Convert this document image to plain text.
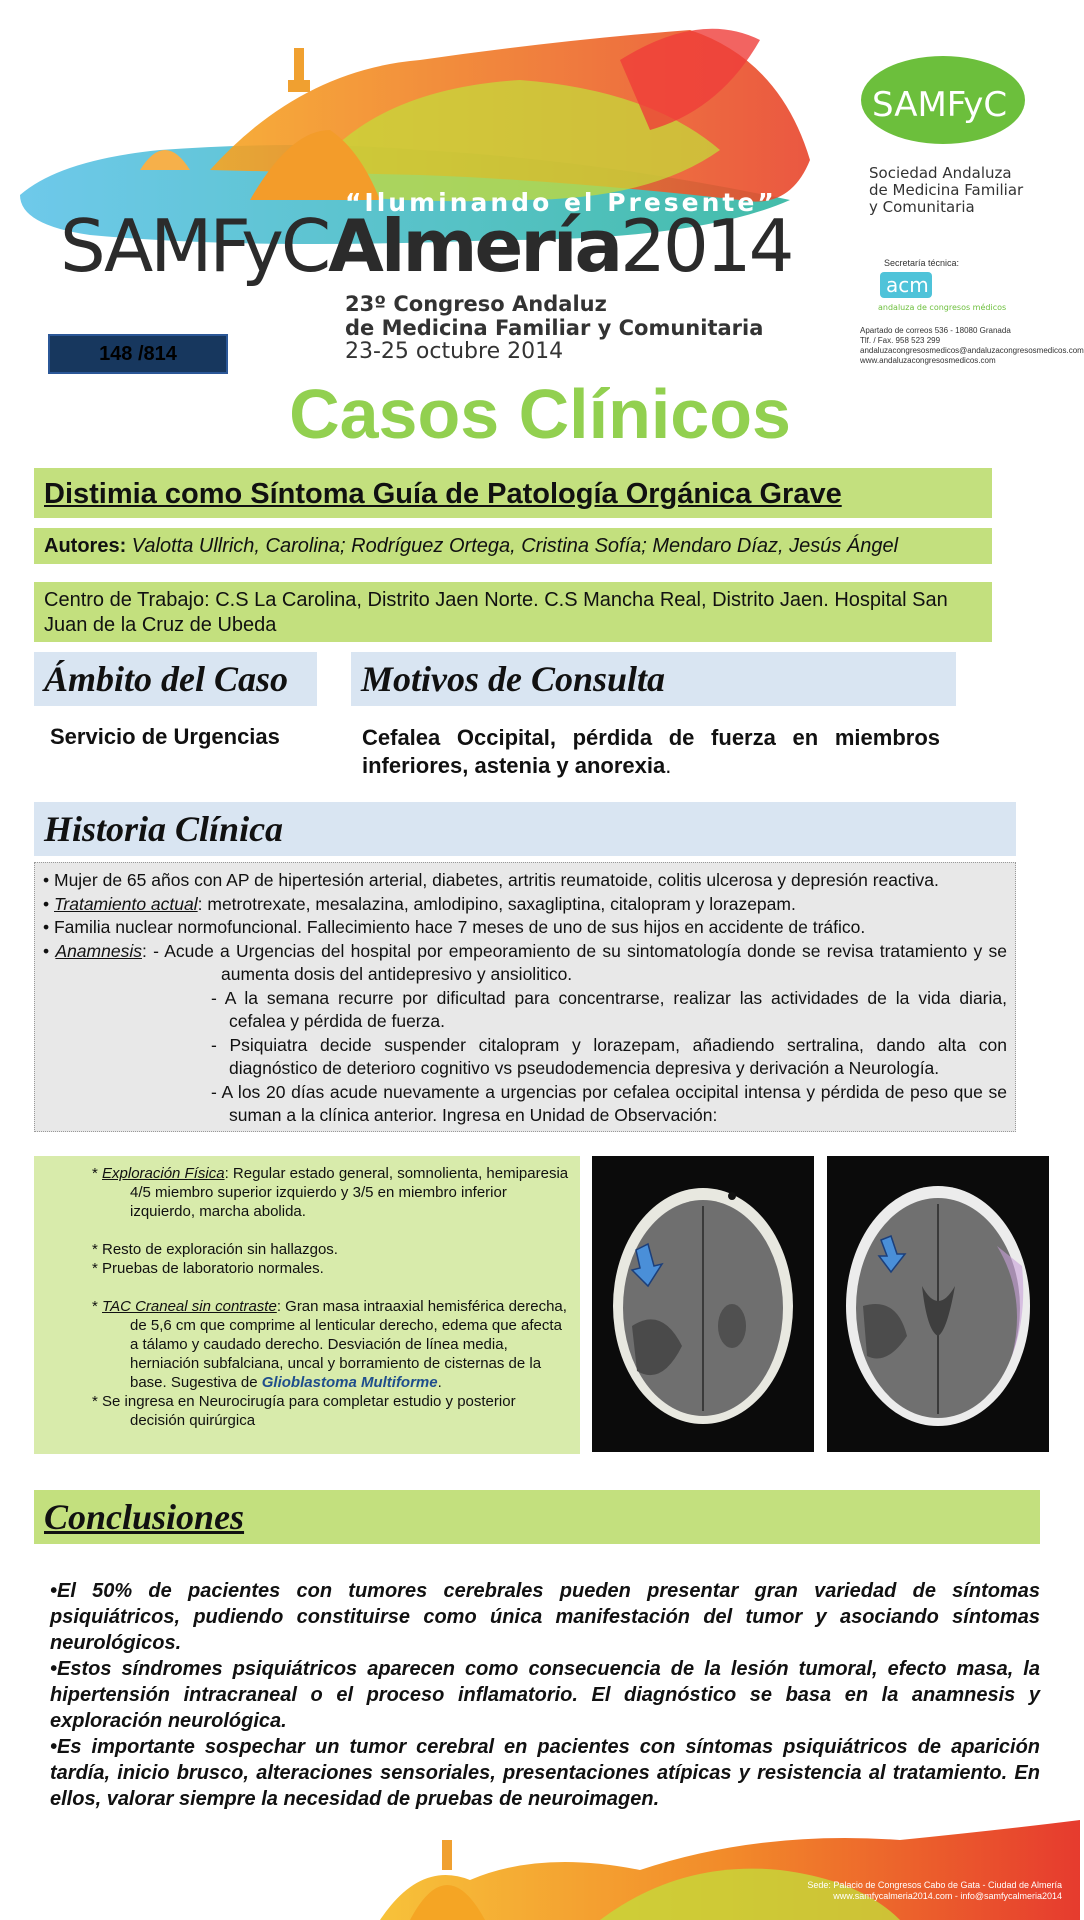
“Iluminando el Presente”
SAMFyCAlmería2014
23º Congreso Andaluz
de Medicina Familiar y Comunitaria
23-25 octubre 2014
148 /814
SAMFyC
Sociedad Andaluza
de Medicina Familiar
y Comunitaria
Secretaría técnica:
acm
andaluza de congresos médicos
Apartado de correos 536 - 18080 Granada
Tlf. / Fax. 958 523 299
andaluzacongresosmedicos@andaluzacongresosmedicos.com
www.andaluzacongresosmedicos.com
Casos Clínicos
Distimia como Síntoma Guía de Patología Orgánica Grave
Autores: Valotta Ullrich, Carolina; Rodríguez Ortega, Cristina Sofía; Mendaro Díaz, Jesús Ángel
Centro de Trabajo: C.S La Carolina, Distrito Jaen Norte. C.S Mancha Real, Distrito Jaen. Hospital San Juan de la Cruz de Ubeda
Ámbito del Caso	Motivos de Consulta
Servicio de Urgencias	Cefalea Occipital, pérdida de fuerza en miembros inferiores, astenia y anorexia.
Historia Clínica

• Mujer de 65 años con AP de hipertesión arterial, diabetes, artritis reumatoide, colitis ulcerosa y depresión reactiva.

• Tratamiento actual: metrotrexate, mesalazina, amlodipino, saxagliptina, citalopram y lorazepam.

• Familia nuclear normofuncional. Fallecimiento hace 7 meses de uno de sus hijos en accidente de tráfico.

• Anamnesis: - Acude a Urgencias del hospital por empeoramiento de su sintomatología donde se revisa tratamiento y se aumenta dosis del antidepresivo y ansiolitico.

- A la semana recurre por dificultad para concentrarse, realizar las actividades de la vida diaria, cefalea y pérdida de fuerza.

- Psiquiatra decide suspender citalopram y lorazepam, añadiendo sertralina, dando alta con diagnóstico de deterioro cognitivo vs pseudodemencia depresiva y derivación a Neurología.

- A los 20 días acude nuevamente a urgencias por cefalea occipital intensa y pérdida de peso que se suman a la clínica anterior. Ingresa en Unidad de Observación:

* Exploración Física: Regular estado general, somnolienta, hemiparesia 4/5 miembro superior izquierdo y 3/5 en miembro inferior izquierdo, marcha abolida.

* Resto de exploración sin hallazgos.

* Pruebas de laboratorio normales.

* TAC Craneal sin contraste: Gran masa intraaxial hemisférica derecha, de 5,6 cm que comprime al lenticular derecho, edema que afecta a tálamo y caudado derecho. Desviación de línea media, herniación subfalciana, uncal y borramiento de cisternas de la base. Sugestiva de Glioblastoma Multiforme.

* Se ingresa en Neurocirugía para completar estudio y posterior decisión quirúrgica

Conclusiones

•El 50% de pacientes con tumores cerebrales pueden presentar gran variedad de síntomas psiquiátricos, pudiendo constituirse como única manifestación del tumor y asociando síntomas neurológicos.

•Estos síndromes psiquiátricos aparecen como consecuencia de la lesión tumoral, efecto masa, la hipertensión intracraneal o el proceso inflamatorio. El diagnóstico se basa en la anamnesis y exploración neurológica.

•Es importante sospechar un tumor cerebral en pacientes con síntomas psiquiátricos de aparición tardía, inicio brusco, alteraciones sensoriales, presentaciones atípicas y resistencia al tratamiento. En ellos, valorar siempre la necesidad de pruebas de neuroimagen.

Sede: Palacio de Congresos Cabo de Gata - Ciudad de Almería
www.samfycalmeria2014.com - info@samfycalmeria2014
